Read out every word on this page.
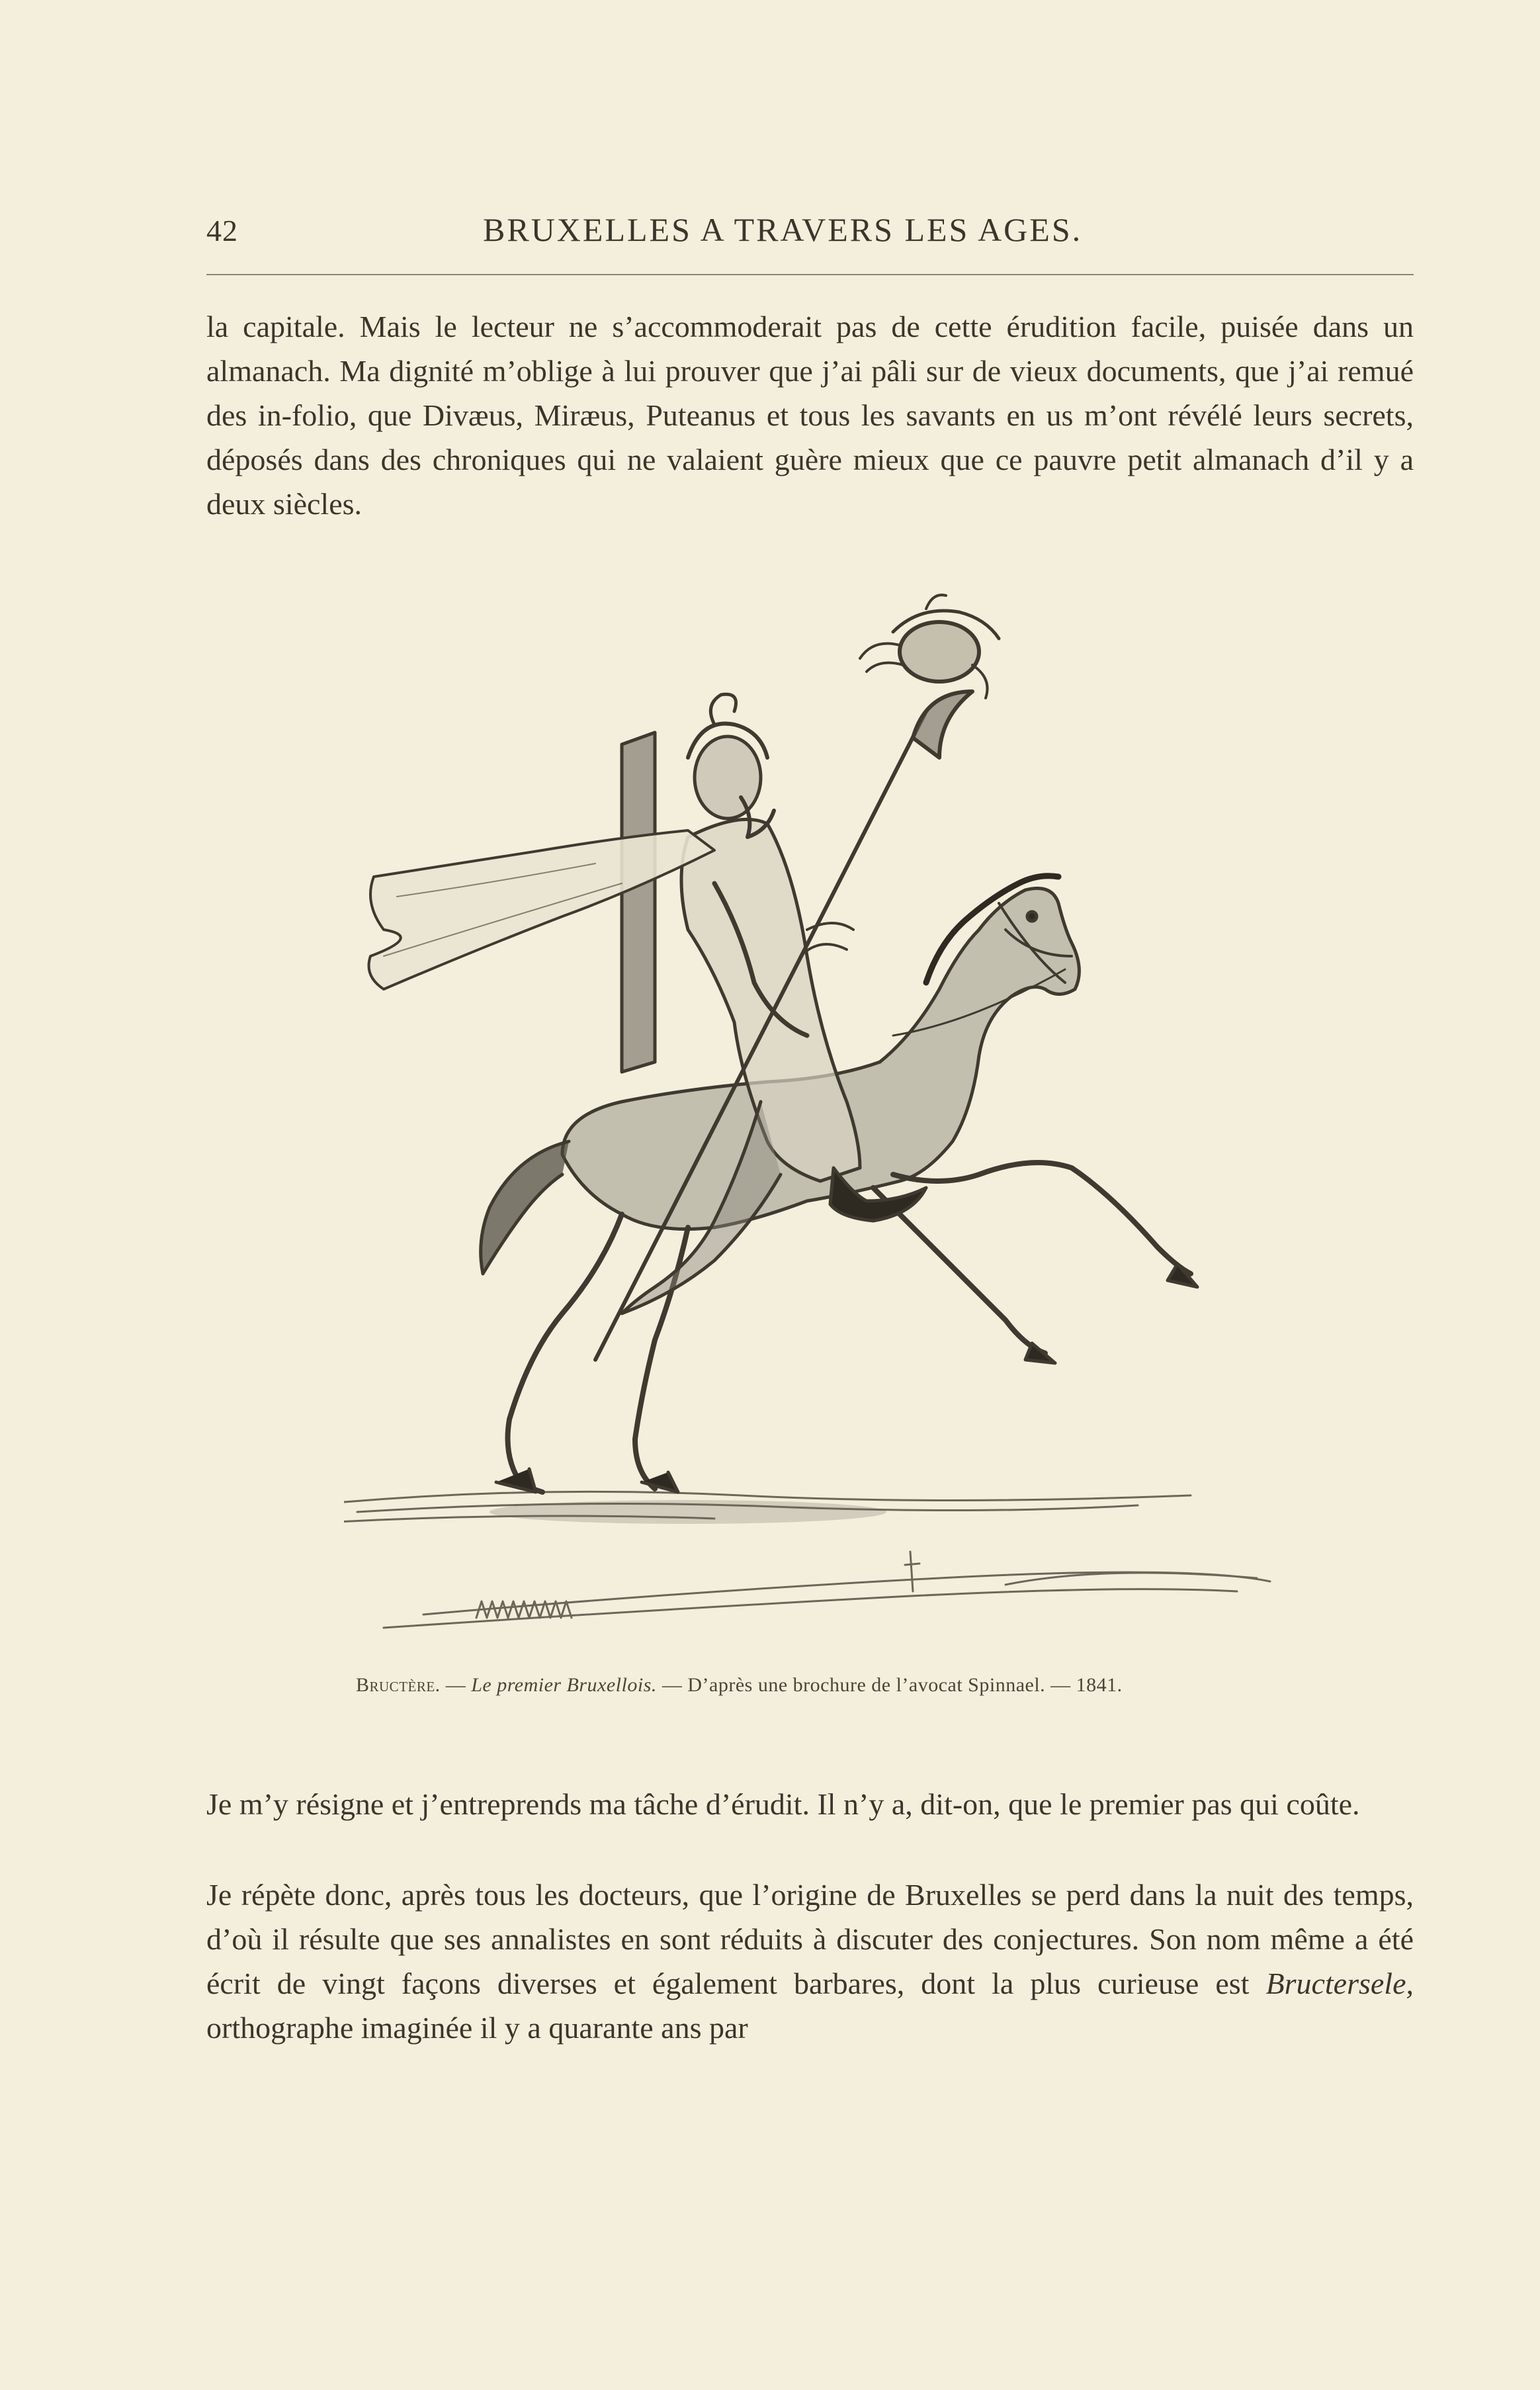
42	BRUXELLES A TRAVERS LES AGES.

la capitale. Mais le lecteur ne s’accommoderait pas de cette érudition facile, puisée dans un almanach. Ma dignité m’oblige à lui prouver que j’ai pâli sur de vieux documents, que j’ai remué des in-folio, que Divæus, Miræus, Puteanus et tous les savants en us m’ont révélé leurs secrets, déposés dans des chroniques qui ne valaient guère mieux que ce pauvre petit almanach d’il y a deux siècles.

Bructère. — Le premier Bruxellois. — D’après une brochure de l’avocat Spinnael. — 1841.

Je m’y résigne et j’entreprends ma tâche d’érudit. Il n’y a, dit-on, que le premier pas qui coûte.

Je répète donc, après tous les docteurs, que l’origine de Bruxelles se perd dans la nuit des temps, d’où il résulte que ses annalistes en sont réduits à discuter des conjectures. Son nom même a été écrit de vingt façons diverses et également barbares, dont la plus curieuse est Bructersele, orthographe imaginée il y a quarante ans par
